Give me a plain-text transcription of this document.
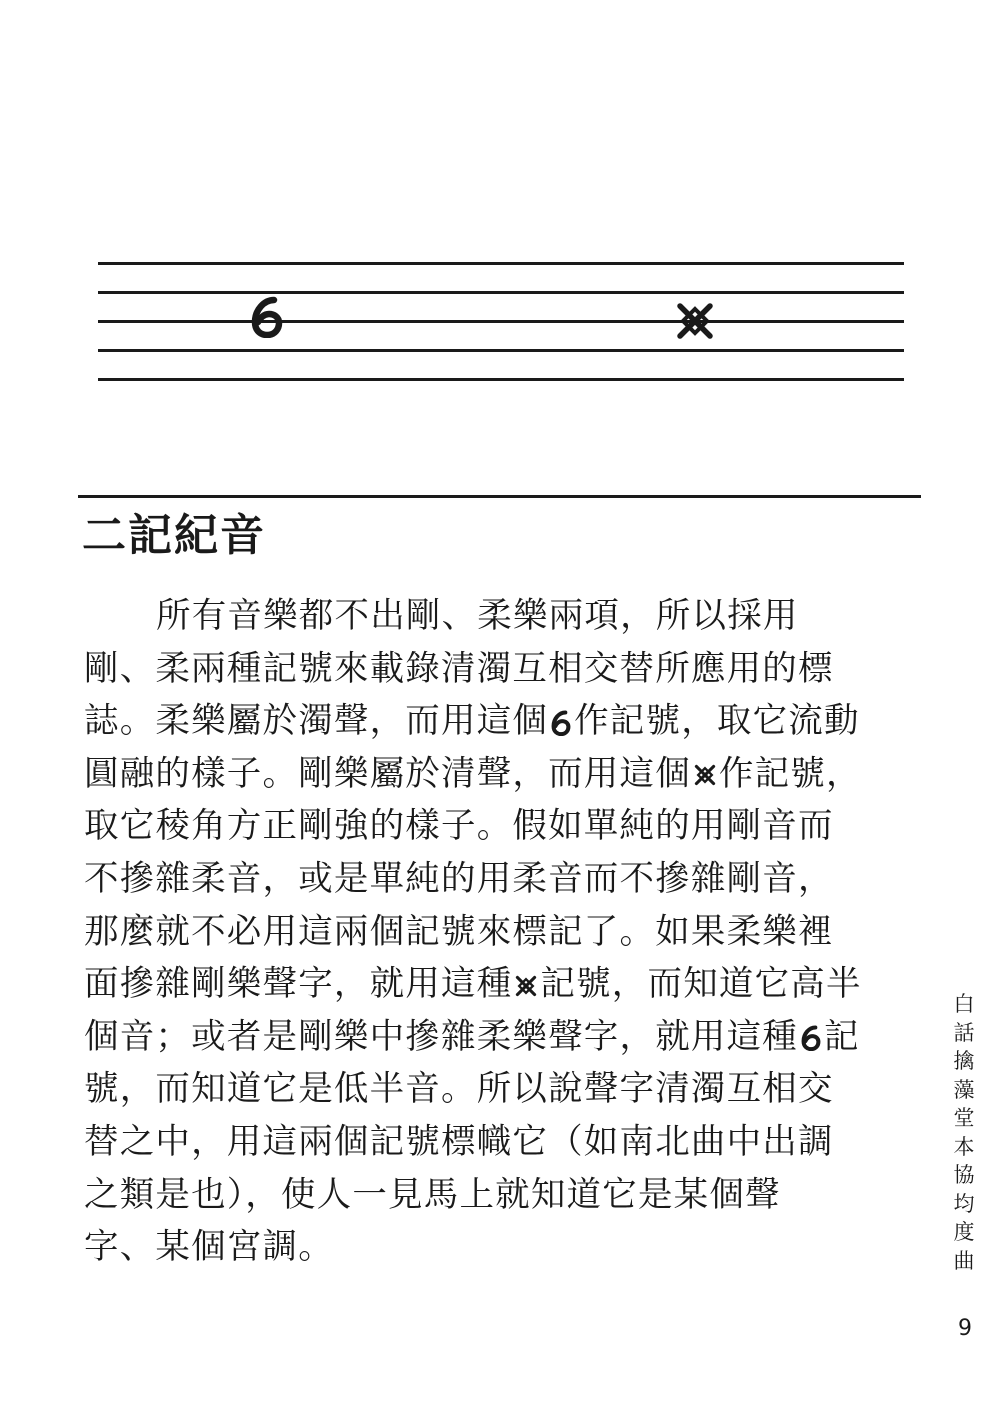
二記紀音
所有音樂都不出剛、柔樂兩項，所以採用
剛、柔兩種記號來載錄清濁互相交替所應用的標
誌。柔樂屬於濁聲，而用這個 作記號，取它流動
圓融的樣子。剛樂屬於清聲，而用這個 作記號，
取它稜角方正剛強的樣子。假如單純的用剛音而
不摻雜柔音，或是單純的用柔音而不摻雜剛音，
那麼就不必用這兩個記號來標記了。如果柔樂裡
面摻雜剛樂聲字，就用這種 記號，而知道它高半
個音；或者是剛樂中摻雜柔樂聲字，就用這種 記
號，而知道它是低半音。所以說聲字清濁互相交
替之中，用這兩個記號標幟它（如南北曲中出調
之類是也），使人一見馬上就知道它是某個聲
字、某個宮調。
白話擒藻堂本協均度曲
9
